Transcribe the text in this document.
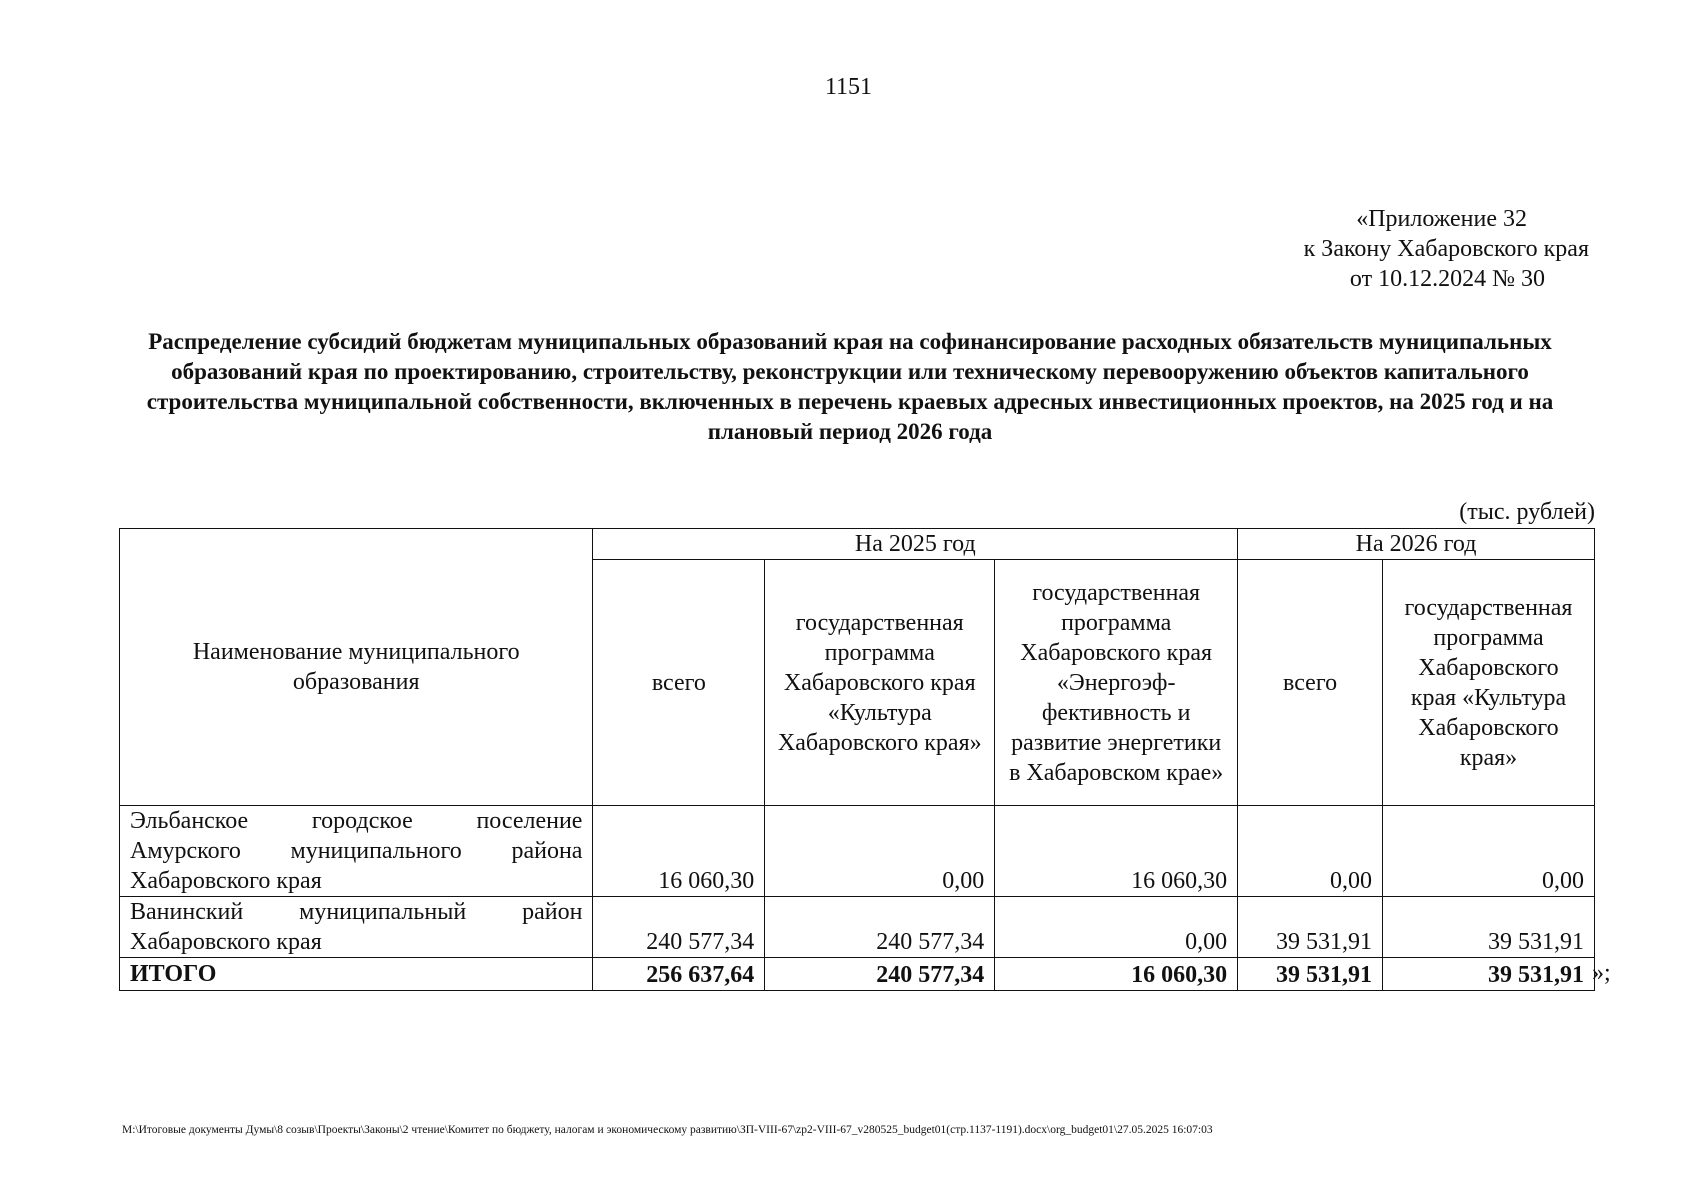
1151
«Приложение 32
к Закону Хабаровского края
от 10.12.2024 № 30
Распределение субсидий бюджетам муниципальных образований края на софинансирование расходных обязательств муниципальных образований края по проектированию, строительству, реконструкции или техническому перевооружению объектов капитального строительства муниципальной собственности, включенных в перечень краевых адресных инвестиционных проектов, на 2025 год и на плановый период 2026 года
(тыс. рублей)
Наименование муниципального образования	На 2025 год			На 2026 год	
	всего	государственная программа Хабаровского края «Культура Хабаровского края»	государственная программа Хабаровского края «Энергоэф-фективность и развитие энергетики в Хабаровском крае»	всего	государственная программа Хабаровского края «Культура Хабаровского края»
Эльбанское городское поселение Амурского муниципального района Хабаровского края	16 060,30	0,00	16 060,30	0,00	0,00
Ванинский муниципальный район Хабаровского края	240 577,34	240 577,34	0,00	39 531,91	39 531,91
ИТОГО	256 637,64	240 577,34	16 060,30	39 531,91	39 531,91 »;
M:\Итоговые документы Думы\8 созыв\Проекты\Законы\2 чтение\Комитет по бюджету, налогам и экономическому развитию\ЗП-VIII-67\zp2-VIII-67_v280525_budget01(стр.1137-1191).docx\org_budget01\27.05.2025 16:07:03
